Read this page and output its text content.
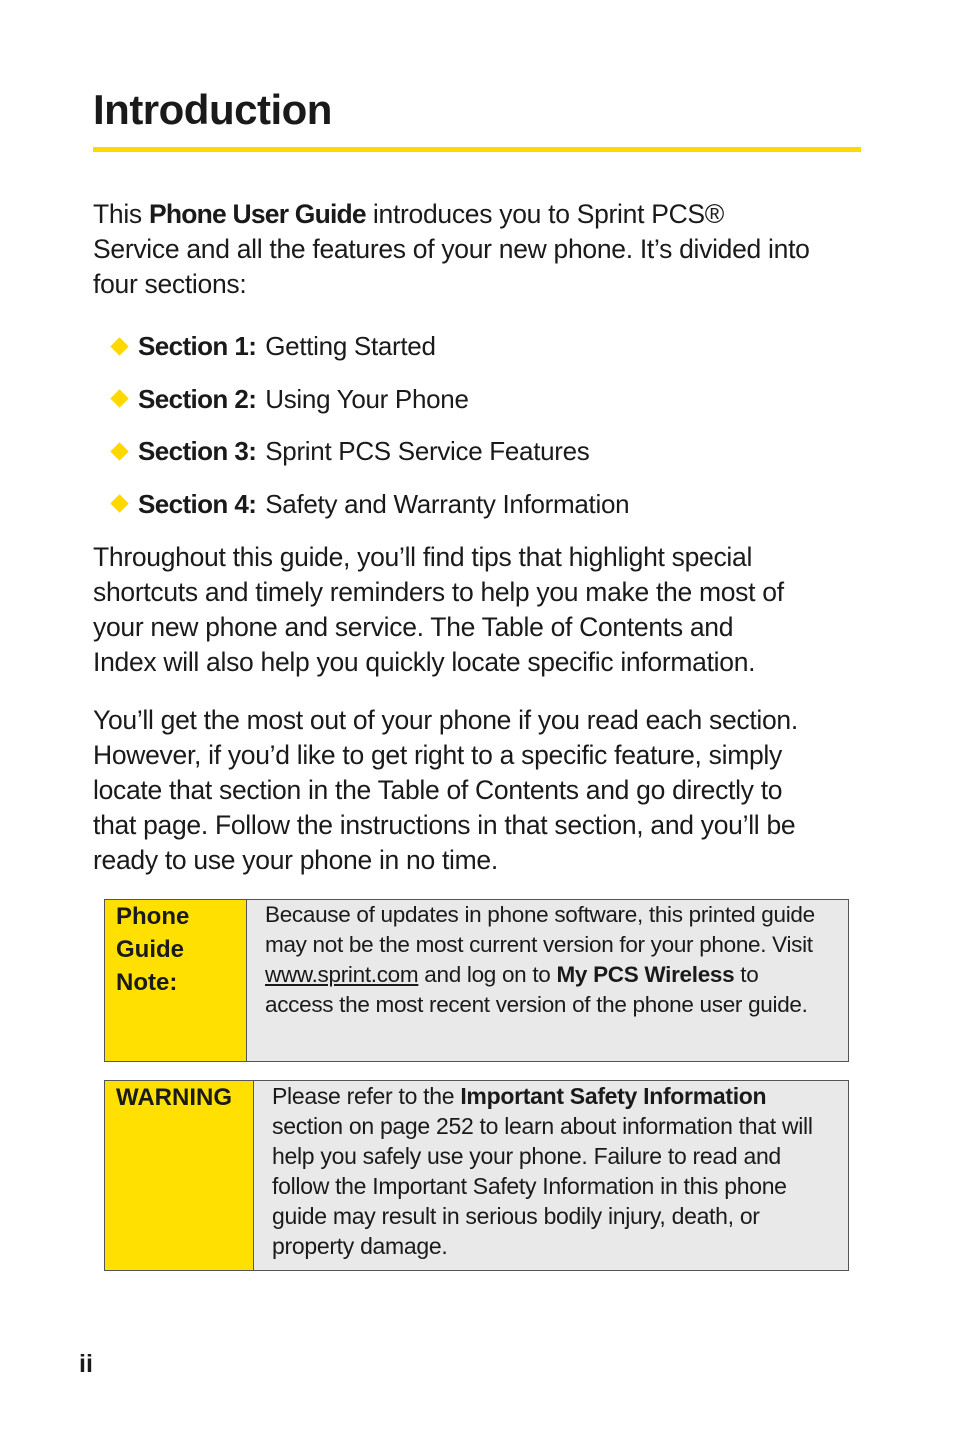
Introduction

This Phone User Guide introduces you to Sprint PCS® Service and all the features of your new phone. It’s divided into four sections:

Section 1: Getting Started
Section 2: Using Your Phone
Section 3: Sprint PCS Service Features
Section 4: Safety and Warranty Information

Throughout this guide, you’ll find tips that highlight special shortcuts and timely reminders to help you make the most of your new phone and service. The Table of Contents and Index will also help you quickly locate specific information.

You’ll get the most out of your phone if you read each section. However, if you’d like to get right to a specific feature, simply locate that section in the Table of Contents and go directly to that page. Follow the instructions in that section, and you’ll be ready to use your phone in no time.

Phone
Guide
Note:
Because of updates in phone software, this printed guide may not be the most current version for your phone. Visit www.sprint.com and log on to My PCS Wireless to access the most recent version of the phone user guide.
WARNING	Please refer to the Important Safety Information section on page 252 to learn about information that will help you safely use your phone. Failure to read and follow the Important Safety Information in this phone guide may result in serious bodily injury, death, or property damage.
ii
